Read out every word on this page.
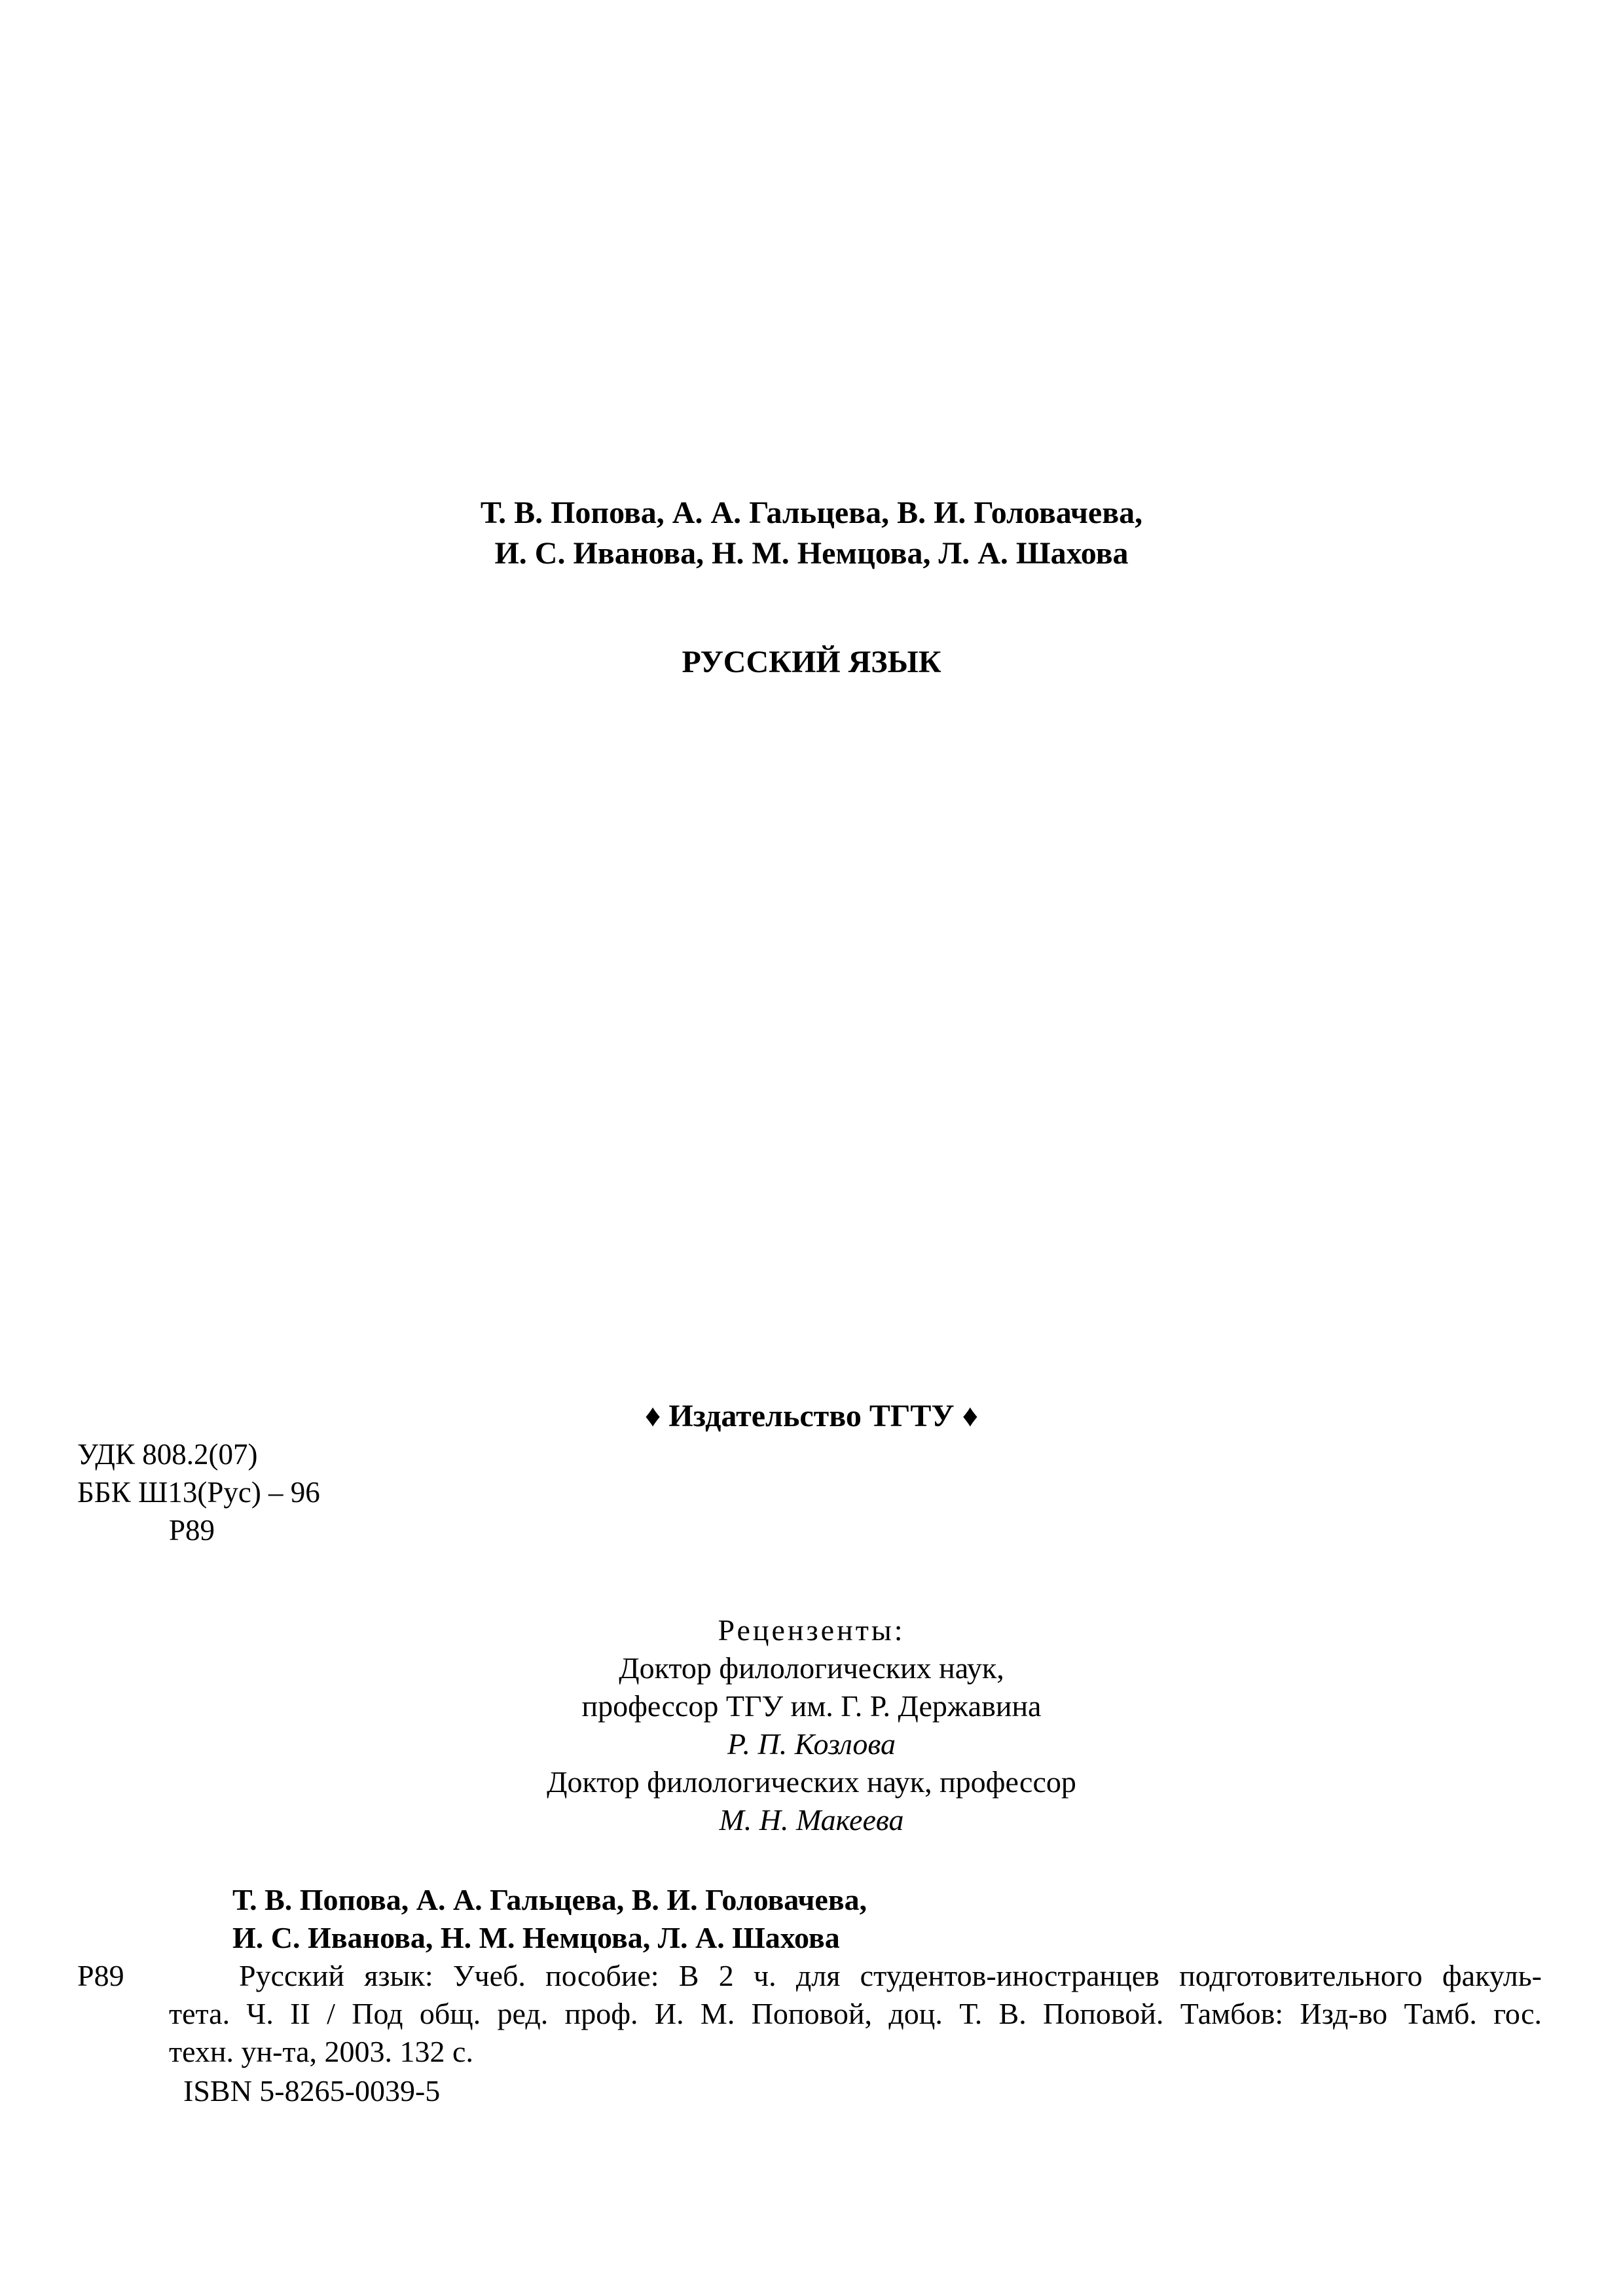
Т. В. Попова, А. А. Гальцева, В. И. Головачева,
И. С. Иванова, Н. М. Немцова, Л. А. Шахова
РУССКИЙ ЯЗЫК
♦ Издательство ТГТУ ♦
УДК 808.2(07)
ББК Ш13(Рус) – 96
Р89
Рецензенты:
Доктор филологических наук,
профессор ТГУ им. Г. Р. Державина
Р. П. Козлова
Доктор филологических наук, профессор
М. Н. Макеева
Т. В. Попова, А. А. Гальцева, В. И. Головачева,
И. С. Иванова, Н. М. Немцова, Л. А. Шахова
Р89	Русский язык: Учеб. пособие: В 2 ч. для студентов-иностранцев подготовительного факуль-
тета. Ч. II / Под общ. ред. проф. И. М. Поповой, доц. Т. В. Поповой. Тамбов: Изд-во Тамб. гос.
техн. ун-та, 2003. 132 с.
ISBN 5-8265-0039-5
